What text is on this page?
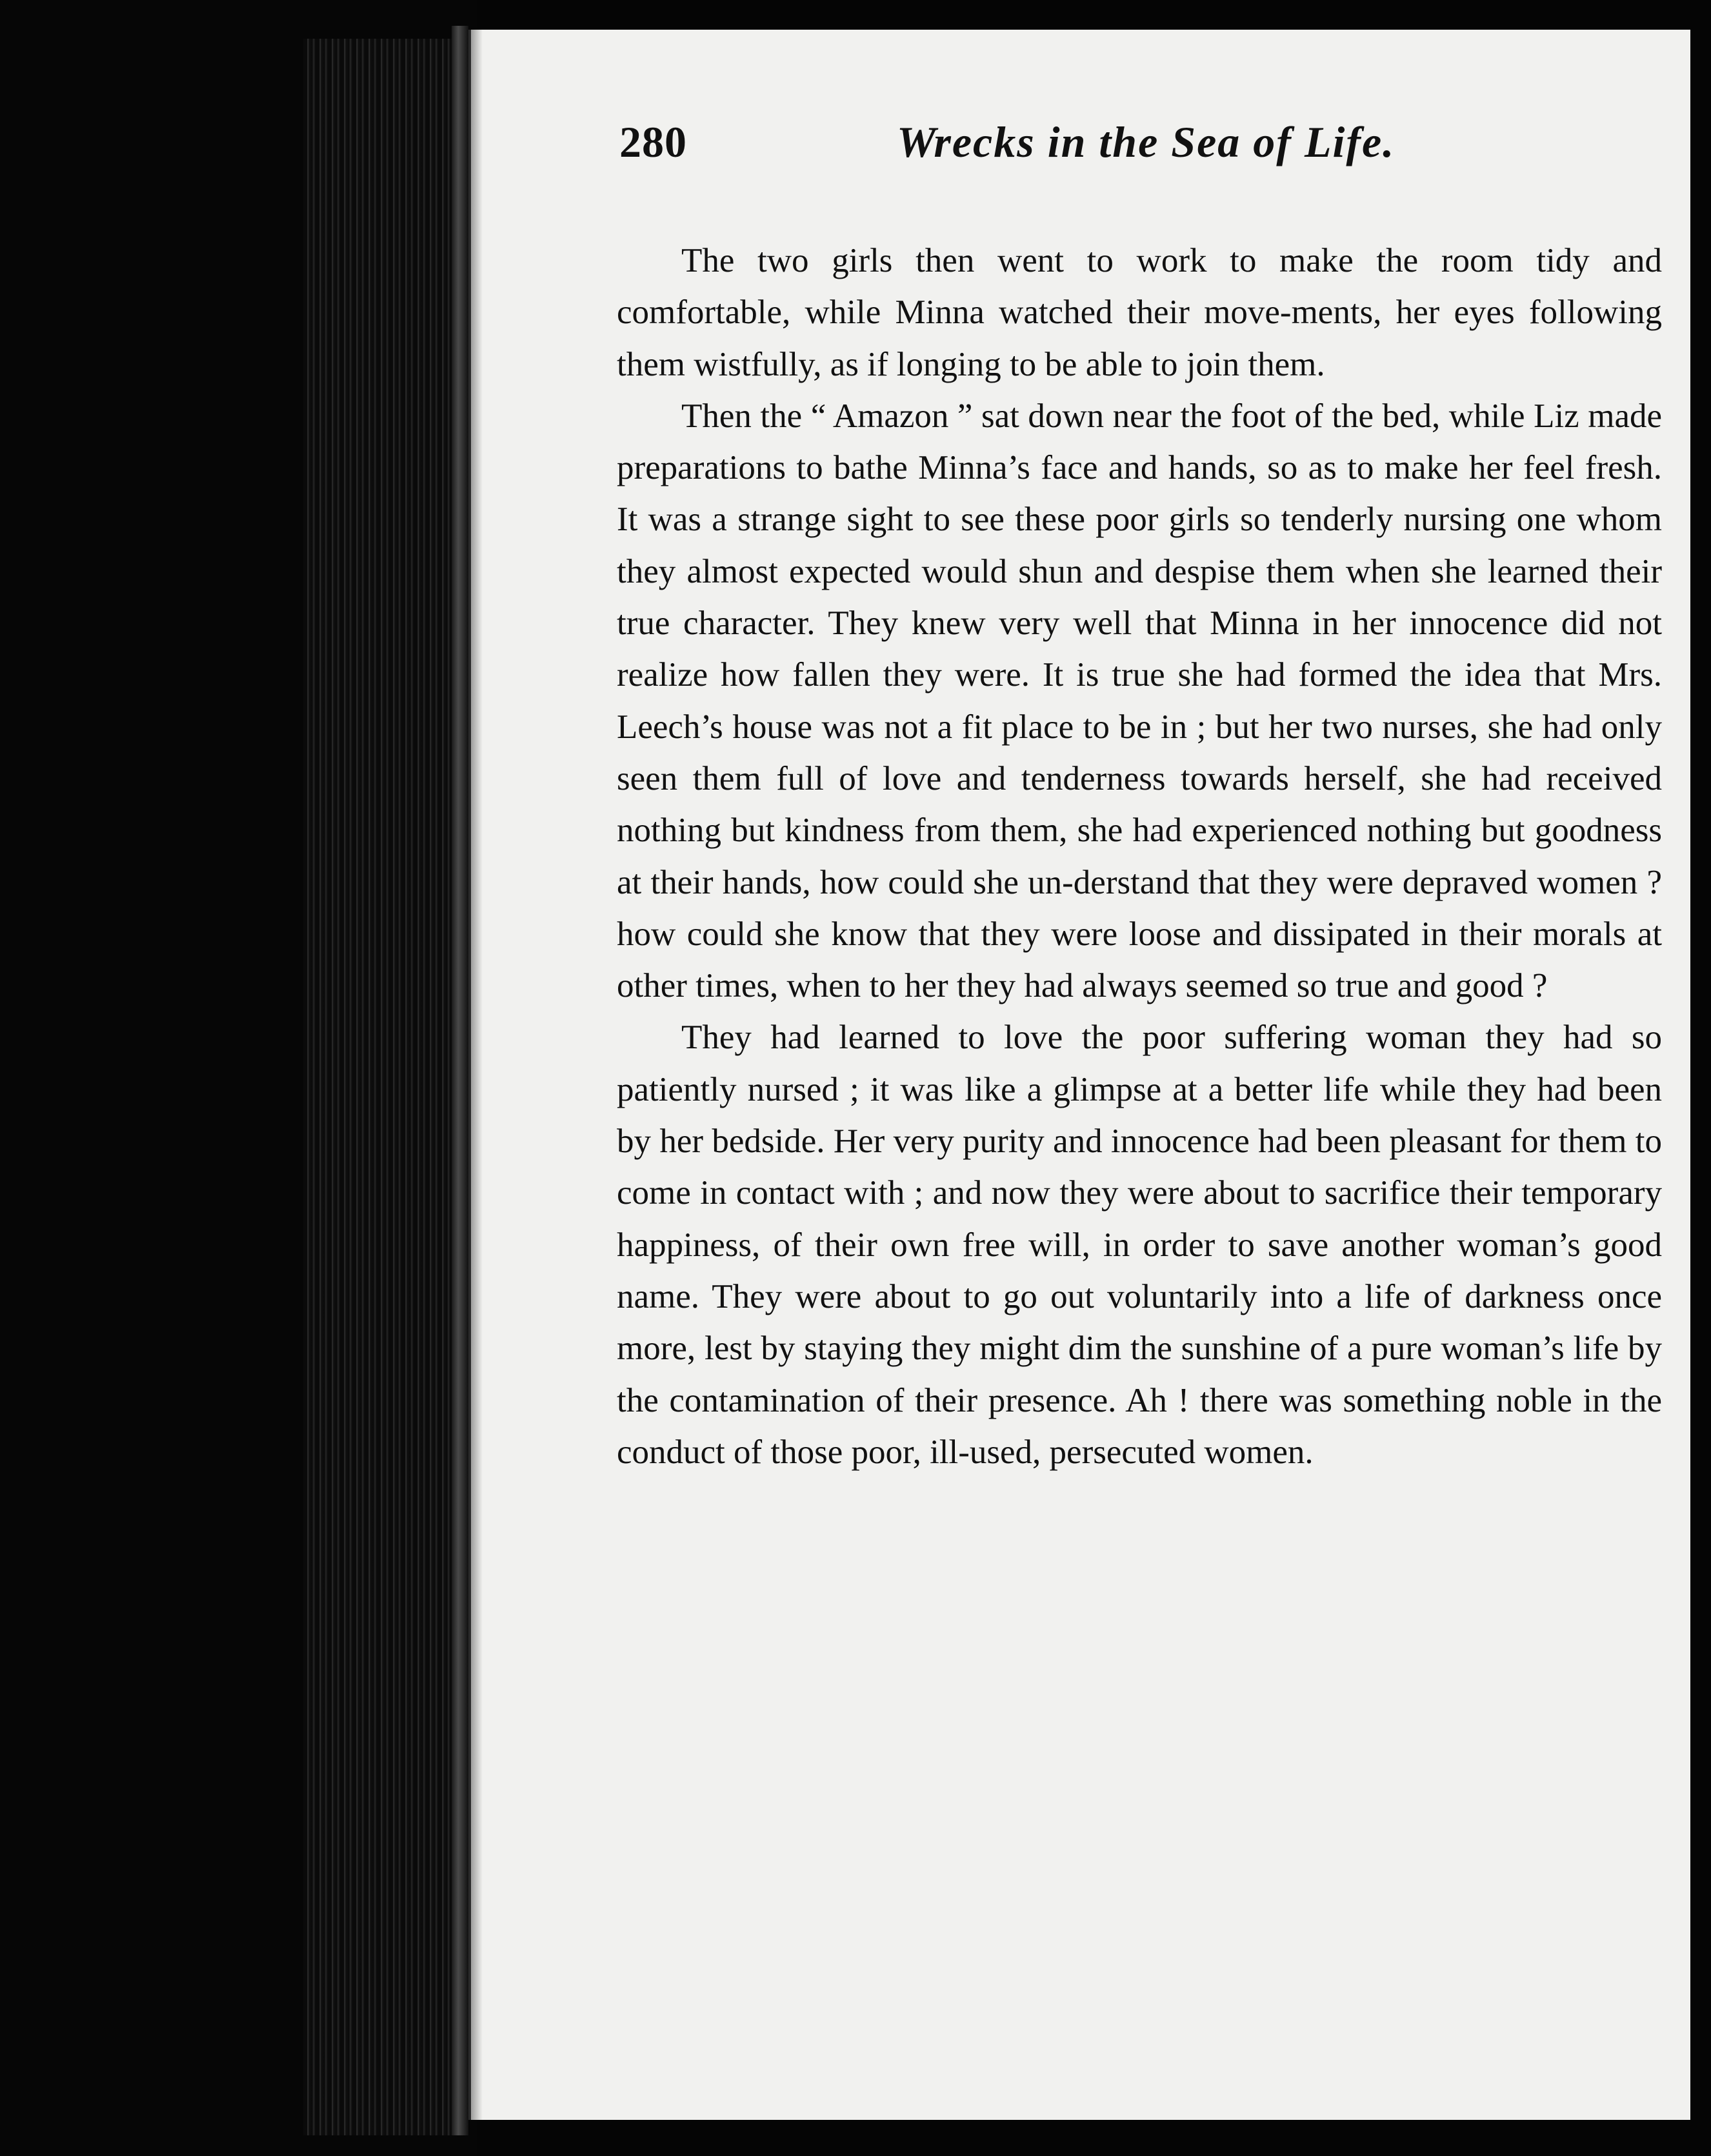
280	Wrecks in the Sea of Life.

The two girls then went to work to make the room tidy and comfortable, while Minna watched their move-ments, her eyes following them wistfully, as if longing to be able to join them.

Then the “ Amazon ” sat down near the foot of the bed, while Liz made preparations to bathe Minna’s face and hands, so as to make her feel fresh. It was a strange sight to see these poor girls so tenderly nursing one whom they almost expected would shun and despise them when she learned their true character. They knew very well that Minna in her innocence did not realize how fallen they were. It is true she had formed the idea that Mrs. Leech’s house was not a fit place to be in ; but her two nurses, she had only seen them full of love and tenderness towards herself, she had received nothing but kindness from them, she had experienced nothing but goodness at their hands, how could she un-derstand that they were depraved women ? how could she know that they were loose and dissipated in their morals at other times, when to her they had always seemed so true and good ?

They had learned to love the poor suffering woman they had so patiently nursed ; it was like a glimpse at a better life while they had been by her bedside. Her very purity and innocence had been pleasant for them to come in contact with ; and now they were about to sacrifice their temporary happiness, of their own free will, in order to save another woman’s good name. They were about to go out voluntarily into a life of darkness once more, lest by staying they might dim the sunshine of a pure woman’s life by the contamination of their presence. Ah ! there was something noble in the conduct of those poor, ill-used, persecuted women.
